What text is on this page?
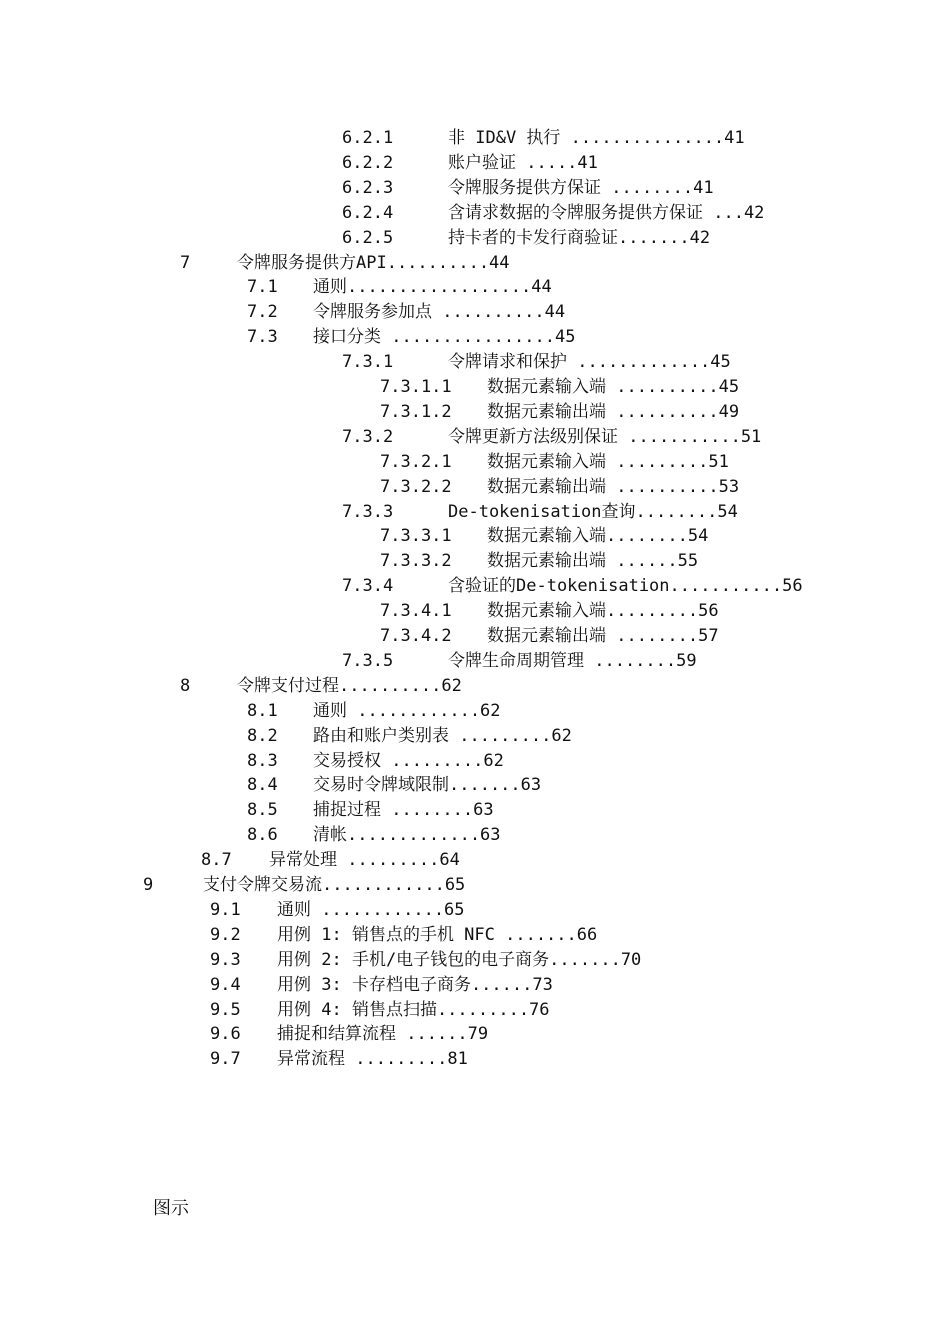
6.2.1	非 ID&V 执行 ...............41
6.2.2	账户验证 .....41
6.2.3	令牌服务提供方保证 ........41
6.2.4	含请求数据的令牌服务提供方保证 ...42
6.2.5	持卡者的卡发行商验证.......42
7	令牌服务提供方API..........44
7.1 通则..................44
7.2 令牌服务参加点 ..........44
7.3 接口分类 ................45
7.3.1	令牌请求和保护 .............45
7.3.1.1 数据元素输入端 ..........45
7.3.1.2 数据元素输出端 ..........49
7.3.2	令牌更新方法级别保证 ...........51
7.3.2.1 数据元素输入端 .........51
7.3.2.2 数据元素输出端 ..........53
7.3.3	De-tokenisation查询........54
7.3.3.1 数据元素输入端........54
7.3.3.2 数据元素输出端 ......55
7.3.4	含验证的De-tokenisation...........56
7.3.4.1 数据元素输入端.........56
7.3.4.2 数据元素输出端 ........57
7.3.5	令牌生命周期管理 ........59
8	令牌支付过程..........62
8.1 通则 ............62
8.2 路由和账户类别表 .........62
8.3 交易授权 .........62
8.4 交易时令牌域限制.......63
8.5 捕捉过程 ........63
8.6 清帐.............63
8.7 异常处理 .........64
9	支付令牌交易流............65
9.1 通则 ............65
9.2 用例 1: 销售点的手机 NFC .......66
9.3 用例 2: 手机/电子钱包的电子商务.......70
9.4 用例 3: 卡存档电子商务......73
9.5 用例 4: 销售点扫描.........76
9.6 捕捉和结算流程 ......79
9.7 异常流程 .........81
图示
